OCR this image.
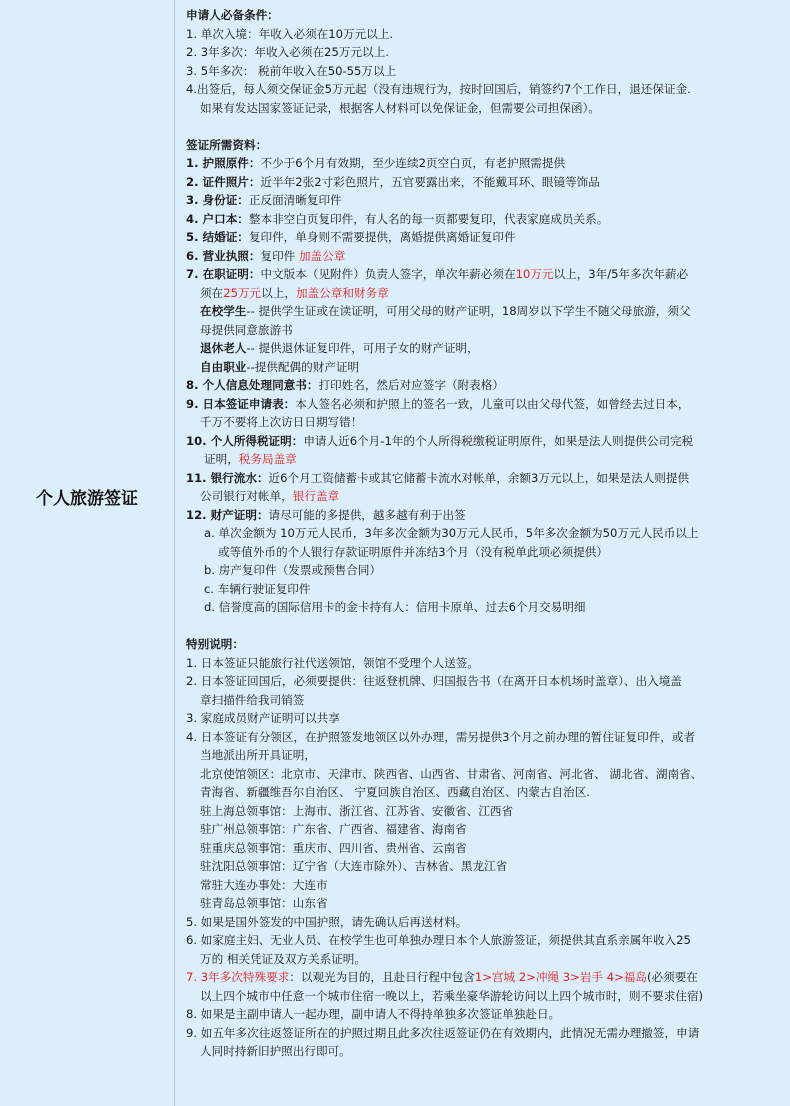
个人旅游签证
申请人必备条件：
1. 单次入境：年收入必须在10万元以上.
2. 3年多次：年收入必须在25万元以上.
3. 5年多次： 税前年收入在50-55万以上
4.出签后，每人须交保证金5万元起（没有违规行为，按时回国后，销签约7个工作日，退还保证金.
如果有发达国家签证记录，根据客人材料可以免保证金，但需要公司担保函）。
签证所需资料：
1. 护照原件：不少于6个月有效期，至少连续2页空白页，有老护照需提供
2. 证件照片：近半年2张2寸彩色照片，五官要露出来，不能戴耳环、眼镜等饰品
3. 身份证：正反面清晰复印件
4. 户口本：整本非空白页复印件，有人名的每一页都要复印，代表家庭成员关系。
5. 结婚证：复印件，单身则不需要提供，离婚提供离婚证复印件
6. 营业执照：复印件 加盖公章
7. 在职证明：中文版本（见附件）负责人签字，单次年薪必须在10万元以上，3年/5年多次年薪必
须在25万元以上，加盖公章和财务章
在校学生-- 提供学生证或在读证明，可用父母的财产证明，18周岁以下学生不随父母旅游，须父
母提供同意旅游书
退休老人-- 提供退休证复印件，可用子女的财产证明，
自由职业--提供配偶的财产证明
8. 个人信息处理同意书：打印姓名，然后对应签字（附表格）
9. 日本签证申请表：本人签名必须和护照上的签名一致，儿童可以由父母代签，如曾经去过日本，
千万不要将上次访日日期写错！
10. 个人所得税证明：申请人近6个月-1年的个人所得税缴税证明原件，如果是法人则提供公司完税
证明，税务局盖章
11. 银行流水：近6个月工资储蓄卡或其它储蓄卡流水对帐单，余额3万元以上，如果是法人则提供
公司银行对帐单，银行盖章
12. 财产证明：请尽可能的多提供，越多越有利于出签
a. 单次金额为 10万元人民币，3年多次金额为30万元人民币，5年多次金额为50万元人民币以上
或等值外币的个人银行存款证明原件并冻结3个月（没有税单此项必须提供）
b. 房产复印件（发票或预售合同）
c. 车辆行驶证复印件
d. 信誉度高的国际信用卡的金卡持有人：信用卡原单、过去6个月交易明细
特别说明：
1. 日本签证只能旅行社代送领馆，领馆不受理个人送签。
2. 日本签证回国后，必须要提供：往返登机牌、归国报告书（在离开日本机场时盖章）、出入境盖
章扫描件给我司销签
3. 家庭成员财产证明可以共享
4. 日本签证有分领区，在护照签发地领区以外办理，需另提供3个月之前办理的暂住证复印件，或者
当地派出所开具证明，
北京使馆领区：北京市、天津市、陕西省、山西省、甘肃省、河南省、河北省、 湖北省、湖南省、
青海省、新疆维吾尔自治区、 宁夏回族自治区、西藏自治区、内蒙古自治区.
驻上海总领事馆：上海市、浙江省、江苏省、安徽省、江西省
驻广州总领事馆：广东省、广西省、福建省、海南省
驻重庆总领事馆：重庆市、四川省、贵州省、云南省
驻沈阳总领事馆：辽宁省（大连市除外）、吉林省、黑龙江省
常驻大连办事处：大连市
驻青岛总领事馆：山东省
5. 如果是国外签发的中国护照，请先确认后再送材料。
6. 如家庭主妇、无业人员、在校学生也可单独办理日本个人旅游签证，须提供其直系亲属年收入25
万的 相关凭证及双方关系证明。
7. 3年多次特殊要求：以观光为目的，且赴日行程中包含1>宫城 2>冲绳 3>岩手 4>福岛(必须要在
以上四个城市中任意一个城市住宿一晚以上，若乘坐豪华游轮访问以上四个城市时，则不要求住宿)
8. 如果是主副申请人一起办理，副申请人不得持单独多次签证单独赴日。
9. 如五年多次往返签证所在的护照过期且此多次往返签证仍在有效期内，此情况无需办理撤签，申请
人同时持新旧护照出行即可。
